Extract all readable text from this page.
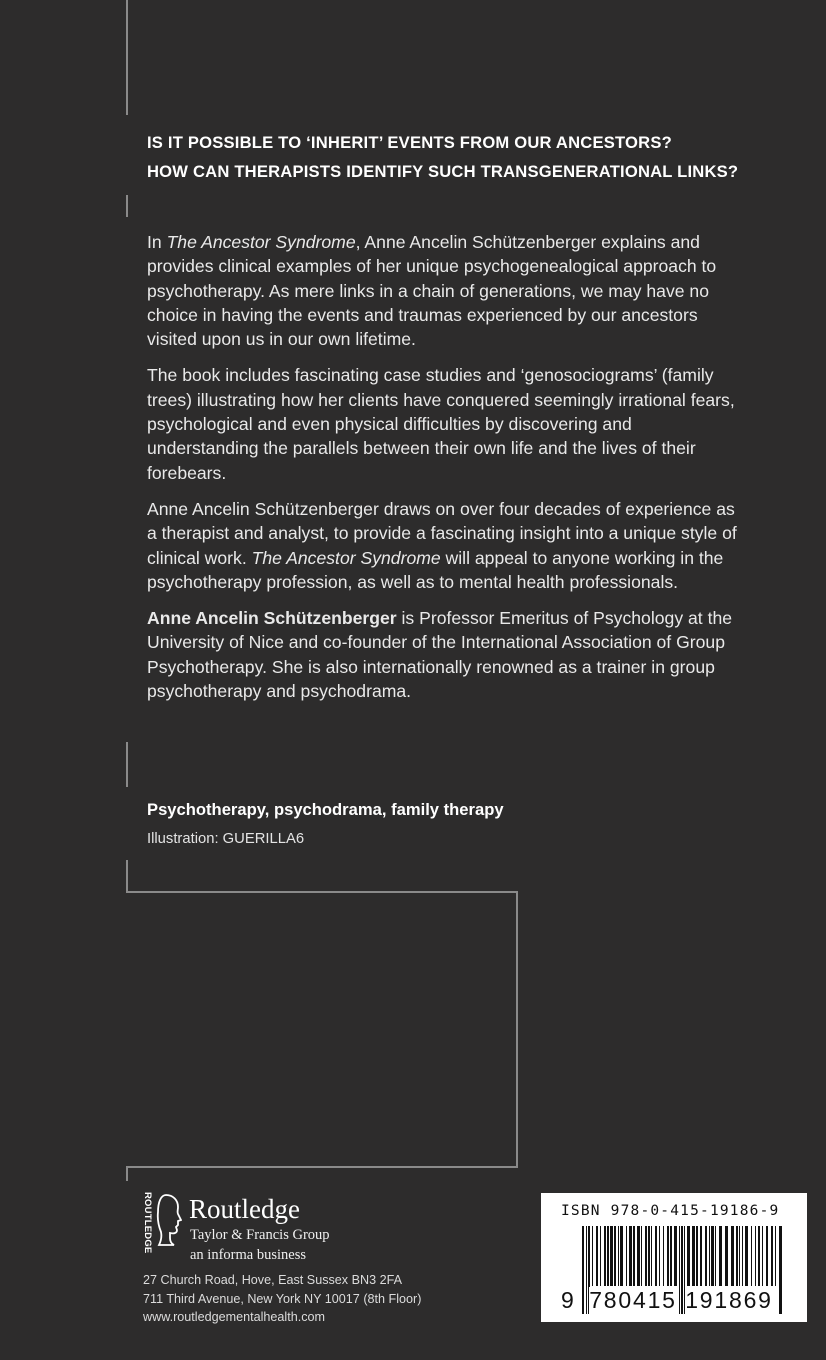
IS IT POSSIBLE TO ‘INHERIT’ EVENTS FROM OUR ANCESTORS?
HOW CAN THERAPISTS IDENTIFY SUCH TRANSGENERATIONAL LINKS?

In The Ancestor Syndrome, Anne Ancelin Schützenberger explains and provides clinical examples of her unique psychogenealogical approach to psychotherapy. As mere links in a chain of generations, we may have no choice in having the events and traumas experienced by our ancestors visited upon us in our own lifetime.

The book includes fascinating case studies and ‘genosociograms’ (family trees) illustrating how her clients have conquered seemingly irrational fears, psychological and even physical difficulties by discovering and understanding the parallels between their own life and the lives of their forebears.

Anne Ancelin Schützenberger draws on over four decades of experience as a therapist and analyst, to provide a fascinating insight into a unique style of clinical work. The Ancestor Syndrome will appeal to anyone working in the psychotherapy profession, as well as to mental health professionals.

Anne Ancelin Schützenberger is Professor Emeritus of Psychology at the University of Nice and co-founder of the International Association of Group Psychotherapy. She is also internationally renowned as a trainer in group psychotherapy and psychodrama.

Psychotherapy, psychodrama, family therapy
Illustration: GUERILLA6
ROUTLEDGE Routledge
Taylor & Francis Group
an informa business
27 Church Road, Hove, East Sussex BN3 2FA
711 Third Avenue, New York NY 10017 (8th Floor)
www.routledgementalhealth.com
ISBN 978-0-415-19186-9
9 780415 191869
